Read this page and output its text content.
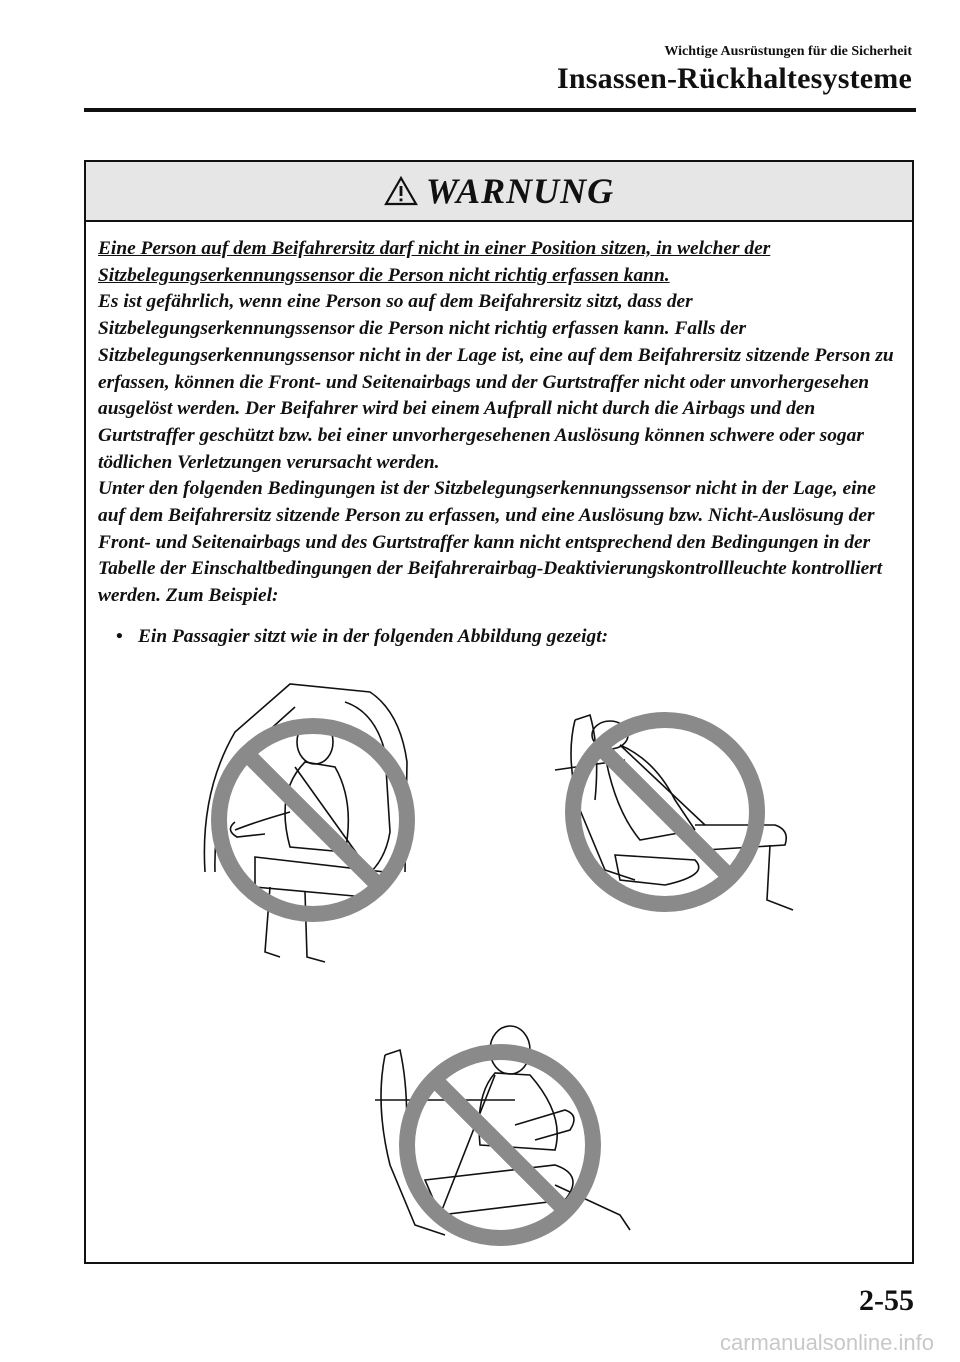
Wichtige Ausrüstungen für die Sicherheit
Insassen-Rückhaltesysteme
WARNUNG

Eine Person auf dem Beifahrersitz darf nicht in einer Position sitzen, in welcher der

Sitzbelegungserkennungssensor die Person nicht richtig erfassen kann.

Es ist gefährlich, wenn eine Person so auf dem Beifahrersitz sitzt, dass der Sitzbelegungserkennungssensor die Person nicht richtig erfassen kann. Falls der Sitzbelegungserkennungssensor nicht in der Lage ist, eine auf dem Beifahrersitz sitzende Person zu erfassen, können die Front- und Seitenairbags und der Gurtstraffer nicht oder unvorhergesehen ausgelöst werden. Der Beifahrer wird bei einem Aufprall nicht durch die Airbags und den Gurtstraffer geschützt bzw. bei einer unvorhergesehenen Auslösung können schwere oder sogar tödlichen Verletzungen verursacht werden.

Unter den folgenden Bedingungen ist der Sitzbelegungserkennungssensor nicht in der Lage, eine auf dem Beifahrersitz sitzende Person zu erfassen, und eine Auslösung bzw. Nicht-Auslösung der Front- und Seitenairbags und des Gurtstraffer kann nicht entsprechend den Bedingungen in der Tabelle der Einschaltbedingungen der Beifahrerairbag-Deaktivierungskontrollleuchte kontrolliert werden. Zum Beispiel:

• Ein Passagier sitzt wie in der folgenden Abbildung gezeigt:

2-55
carmanualsonline.info
